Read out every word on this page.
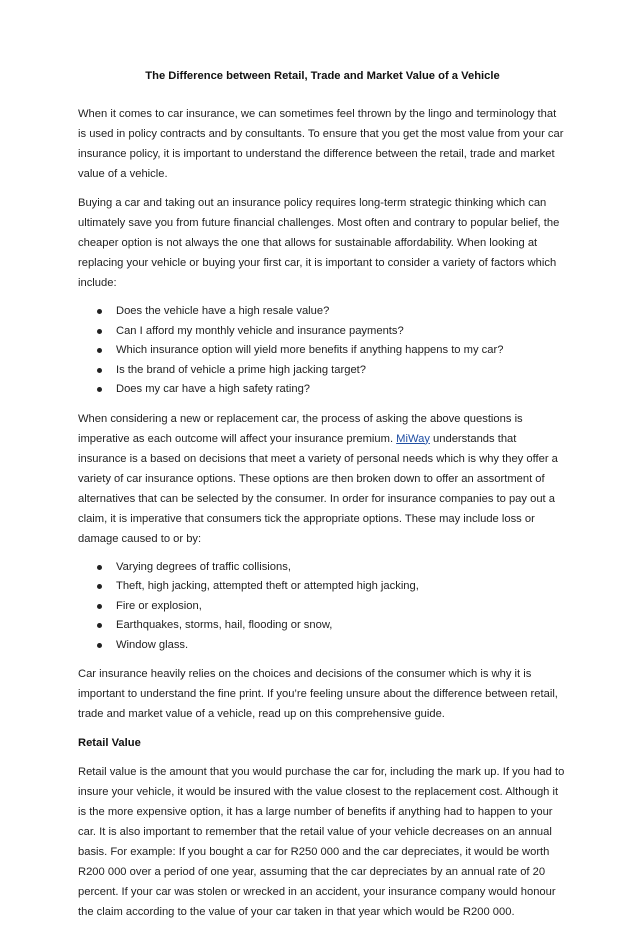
The Difference between Retail, Trade and Market Value of a Vehicle

When it comes to car insurance, we can sometimes feel thrown by the lingo and terminology that is used in policy contracts and by consultants. To ensure that you get the most value from your car insurance policy, it is important to understand the difference between the retail, trade and market value of a vehicle.

Buying a car and taking out an insurance policy requires long-term strategic thinking which can ultimately save you from future financial challenges. Most often and contrary to popular belief, the cheaper option is not always the one that allows for sustainable affordability. When looking at replacing your vehicle or buying your first car, it is important to consider a variety of factors which include:

Does the vehicle have a high resale value?
Can I afford my monthly vehicle and insurance payments?
Which insurance option will yield more benefits if anything happens to my car?
Is the brand of vehicle a prime high jacking target?
Does my car have a high safety rating?

When considering a new or replacement car, the process of asking the above questions is imperative as each outcome will affect your insurance premium. MiWay understands that insurance is a based on decisions that meet a variety of personal needs which is why they offer a variety of car insurance options. These options are then broken down to offer an assortment of alternatives that can be selected by the consumer. In order for insurance companies to pay out a claim, it is imperative that consumers tick the appropriate options. These may include loss or damage caused to or by:

Varying degrees of traffic collisions,
Theft, high jacking, attempted theft or attempted high jacking,
Fire or explosion,
Earthquakes, storms, hail, flooding or snow,
Window glass.

Car insurance heavily relies on the choices and decisions of the consumer which is why it is important to understand the fine print. If you’re feeling unsure about the difference between retail, trade and market value of a vehicle, read up on this comprehensive guide.

Retail Value

Retail value is the amount that you would purchase the car for, including the mark up. If you had to insure your vehicle, it would be insured with the value closest to the replacement cost. Although it is the more expensive option, it has a large number of benefits if anything had to happen to your car. It is also important to remember that the retail value of your vehicle decreases on an annual basis. For example: If you bought a car for R250 000 and the car depreciates, it would be worth R200 000 over a period of one year, assuming that the car depreciates by an annual rate of 20 percent. If your car was stolen or wrecked in an accident, your insurance company would honour the claim according to the value of your car taken in that year which would be R200 000.
